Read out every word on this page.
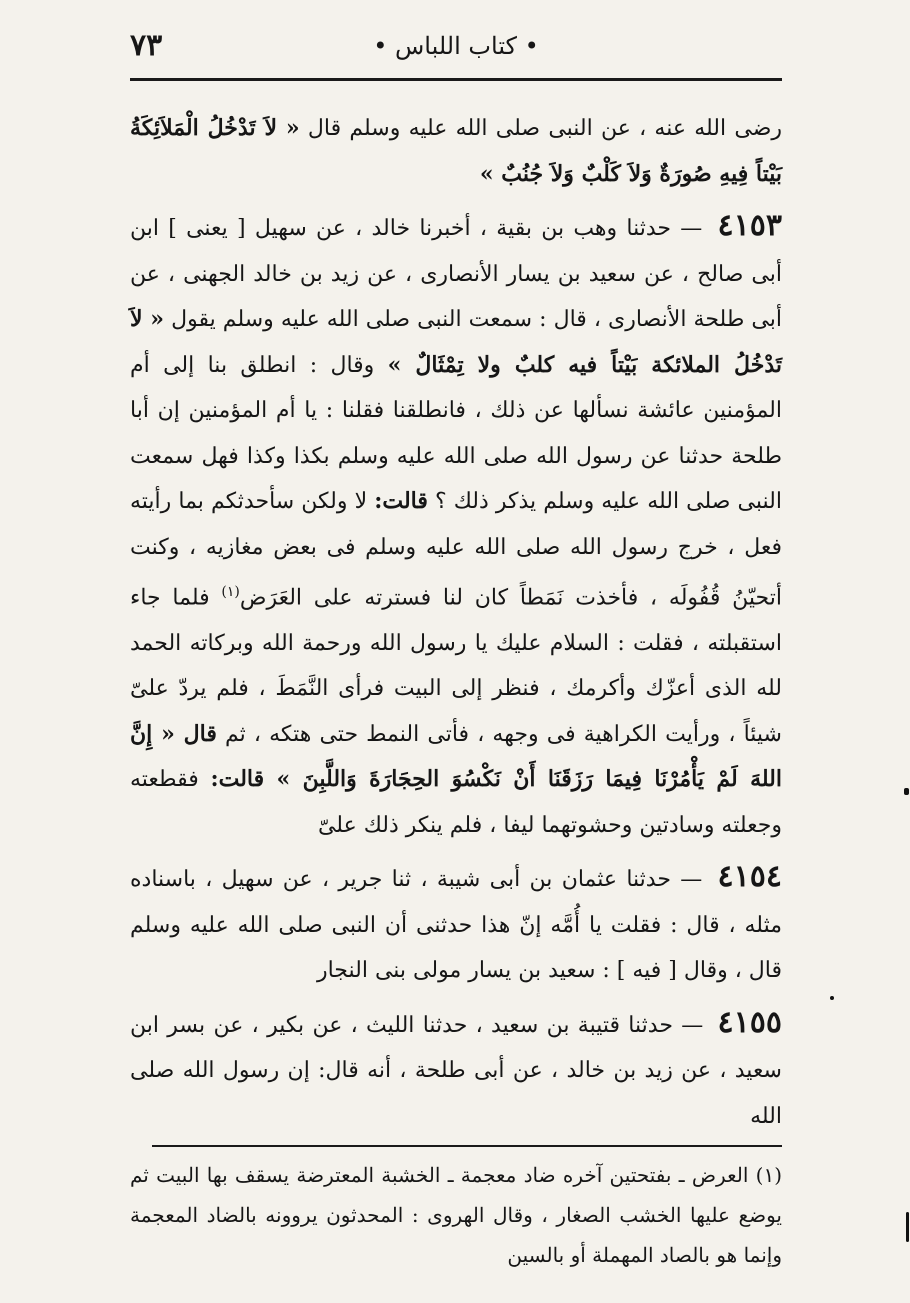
• كتاب اللباس •
٧٣

رضى الله عنه ، عن النبى صلى الله عليه وسلم قال « لاَ تَدْخُلُ الْمَلاَئِكَةُ بَيْتاً فِيهِ صُورَةٌ وَلاَ كَلْبٌ وَلاَ جُنُبٌ »

٤١٥٣ — حدثنا وهب بن بقية ، أخبرنا خالد ، عن سهيل [ يعنى ] ابن أبى صالح ، عن سعيد بن يسار الأنصارى ، عن زيد بن خالد الجهنى ، عن أبى طلحة الأنصارى ، قال : سمعت النبى صلى الله عليه وسلم يقول « لاَ تَدْخُلُ الملائكة بَيْتاً فيه كلبٌ ولا تِمْثَالٌ » وقال : انطلق بنا إلى أم المؤمنين عائشة نسألها عن ذلك ، فانطلقنا فقلنا : يا أم المؤمنين إن أبا طلحة حدثنا عن رسول الله صلى الله عليه وسلم بكذا وكذا فهل سمعت النبى صلى الله عليه وسلم يذكر ذلك ؟ قالت: لا ولكن سأحدثكم بما رأيته فعل ، خرج رسول الله صلى الله عليه وسلم فى بعض مغازيه ، وكنت أتحيّنُ قُفُولَه ، فأخذت نَمَطاً كان لنا فسترته على العَرَض$^{(١)}$ فلما جاء استقبلته ، فقلت : السلام عليك يا رسول الله ورحمة الله وبركاته الحمد لله الذى أعزّك وأكرمك ، فنظر إلى البيت فرأى النَّمَطَ ، فلم يردّ علىّ شيئاً ، ورأيت الكراهية فى وجهه ، فأتى النمط حتى هتكه ، ثم قال « إِنَّ اللهَ لَمْ يَأْمُرْنَا فِيمَا رَزَقَنَا أَنْ نَكْسُوَ الحِجَارَةَ وَاللَّبِنَ » قالت: فقطعته وجعلته وسادتين وحشوتهما ليفا ، فلم ينكر ذلك علىّ

٤١٥٤ — حدثنا عثمان بن أبى شيبة ، ثنا جرير ، عن سهيل ، باسناده مثله ، قال : فقلت يا أُمَّه إنّ هذا حدثنى أن النبى صلى الله عليه وسلم قال ، وقال [ فيه ] : سعيد بن يسار مولى بنى النجار

٤١٥٥ — حدثنا قتيبة بن سعيد ، حدثنا الليث ، عن بكير ، عن بسر ابن سعيد ، عن زيد بن خالد ، عن أبى طلحة ، أنه قال: إن رسول الله صلى الله

(١) العرض ـ بفتحتين آخره ضاد معجمة ـ الخشبة المعترضة يسقف بها البيت ثم يوضع عليها الخشب الصغار ، وقال الهروى : المحدثون يروونه بالضاد المعجمة وإنما هو بالصاد المهملة أو بالسين
